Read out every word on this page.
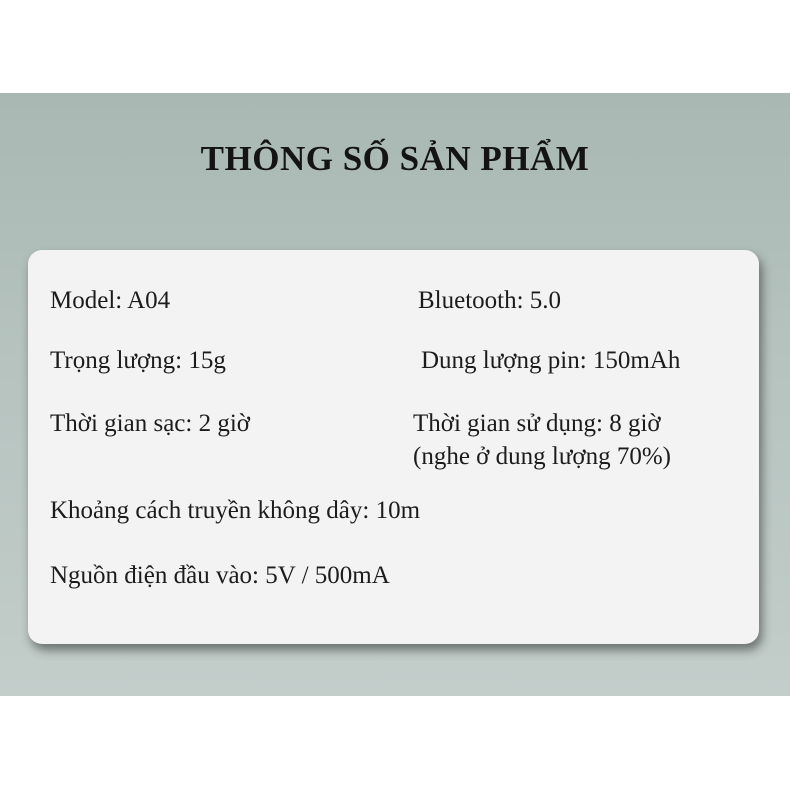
THÔNG SỐ SẢN PHẨM
Model: A04	Bluetooth: 5.0
Trọng lượng: 15g	Dung lượng pin: 150mAh
Thời gian sạc: 2 giờ	Thời gian sử dụng: 8 giờ
(nghe ở dung lượng 70%)
Khoảng cách truyền không dây: 10m
Nguồn điện đầu vào: 5V / 500mA
